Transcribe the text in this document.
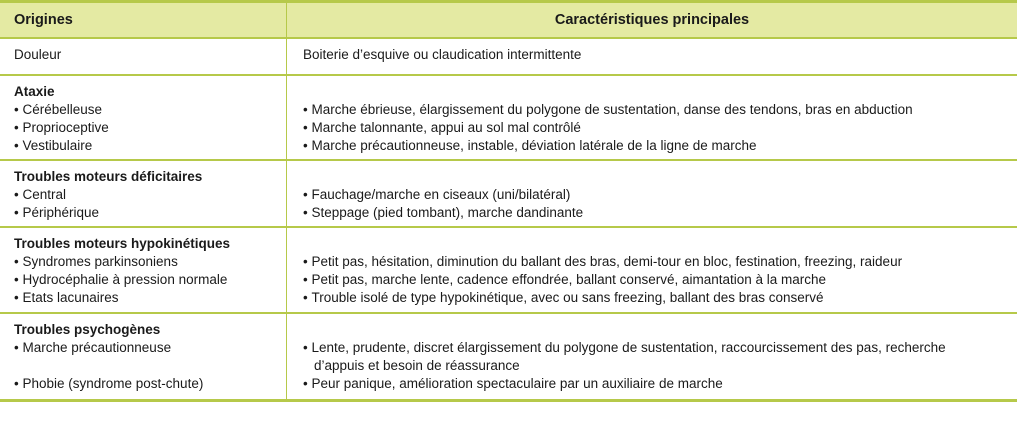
Origines	Caractéristiques principales
Douleur	Boiterie d’esquive ou claudication intermittente
Ataxie
• Cérébelleuse
• Proprioceptive
• Vestibulaire
• Marche ébrieuse, élargissement du polygone de sustentation, danse des tendons, bras en abduction
• Marche talonnante, appui au sol mal contrôlé
• Marche précautionneuse, instable, déviation latérale de la ligne de marche
Troubles moteurs déficitaires
• Central
• Périphérique
• Fauchage/marche en ciseaux (uni/bilatéral)
• Steppage (pied tombant), marche dandinante
Troubles moteurs hypokinétiques
• Syndromes parkinsoniens
• Hydrocéphalie à pression normale
• Etats lacunaires
• Petit pas, hésitation, diminution du ballant des bras, demi-tour en bloc, festination, freezing, raideur
• Petit pas, marche lente, cadence effondrée, ballant conservé, aimantation à la marche
• Trouble isolé de type hypokinétique, avec ou sans freezing, ballant des bras conservé
Troubles psychogènes
• Marche précautionneuse
• Phobie (syndrome post-chute)
• Lente, prudente, discret élargissement du polygone de sustentation, raccourcissement des pas, recherche
d’appuis et besoin de réassurance
• Peur panique, amélioration spectaculaire par un auxiliaire de marche
